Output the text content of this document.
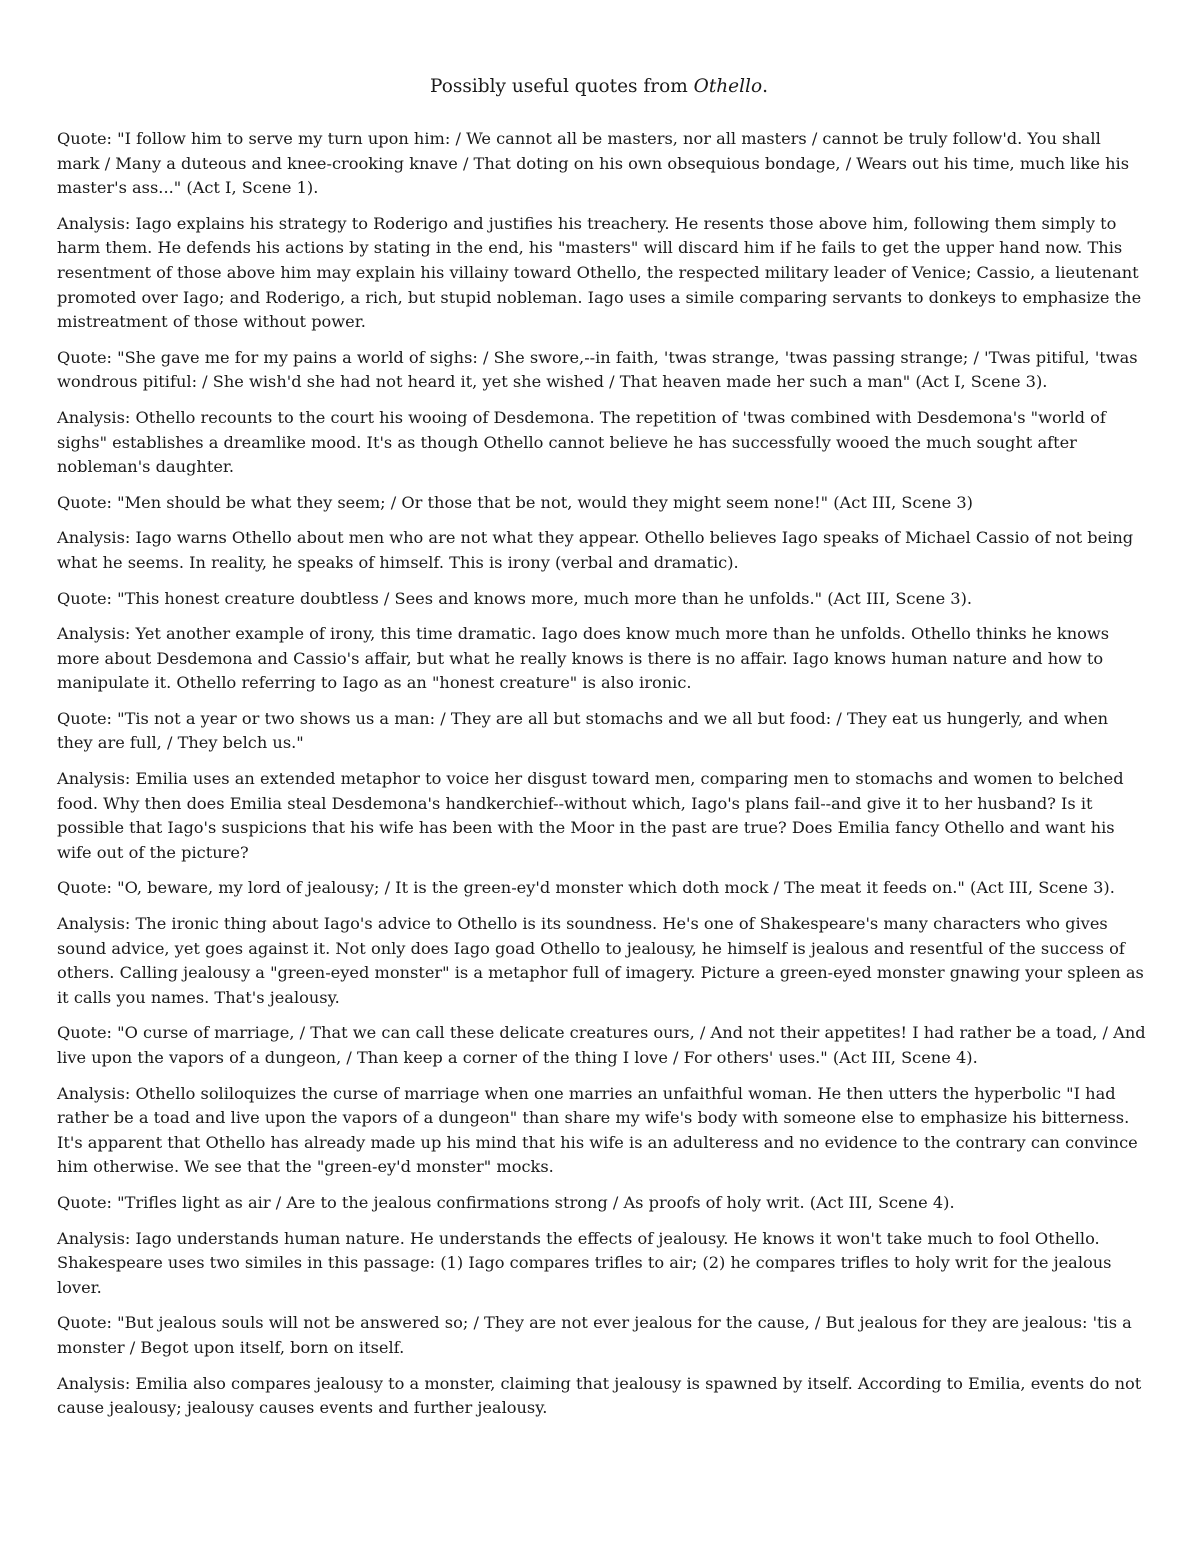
Possibly useful quotes from Othello.

Quote: "I follow him to serve my turn upon him: / We cannot all be masters, nor all masters / cannot be truly follow'd. You shall mark / Many a duteous and knee-crooking knave / That doting on his own obsequious bondage, / Wears out his time, much like his master's ass..." (Act I, Scene 1).

Analysis: Iago explains his strategy to Roderigo and justifies his treachery. He resents those above him, following them simply to harm them. He defends his actions by stating in the end, his "masters" will discard him if he fails to get the upper hand now. This resentment of those above him may explain his villainy toward Othello, the respected military leader of Venice; Cassio, a lieutenant promoted over Iago; and Roderigo, a rich, but stupid nobleman. Iago uses a simile comparing servants to donkeys to emphasize the mistreatment of those without power.

Quote: "She gave me for my pains a world of sighs: / She swore,--in faith, 'twas strange, 'twas passing strange; / 'Twas pitiful, 'twas wondrous pitiful: / She wish'd she had not heard it, yet she wished / That heaven made her such a man" (Act I, Scene 3).

Analysis: Othello recounts to the court his wooing of Desdemona. The repetition of 'twas combined with Desdemona's "world of sighs" establishes a dreamlike mood. It's as though Othello cannot believe he has successfully wooed the much sought after nobleman's daughter.

Quote: "Men should be what they seem; / Or those that be not, would they might seem none!" (Act III, Scene 3)

Analysis: Iago warns Othello about men who are not what they appear. Othello believes Iago speaks of Michael Cassio of not being what he seems. In reality, he speaks of himself. This is irony (verbal and dramatic).

Quote: "This honest creature doubtless / Sees and knows more, much more than he unfolds." (Act III, Scene 3).

Analysis: Yet another example of irony, this time dramatic. Iago does know much more than he unfolds. Othello thinks he knows more about Desdemona and Cassio's affair, but what he really knows is there is no affair. Iago knows human nature and how to manipulate it. Othello referring to Iago as an "honest creature" is also ironic.

Quote: "Tis not a year or two shows us a man: / They are all but stomachs and we all but food: / They eat us hungerly, and when they are full, / They belch us."

Analysis: Emilia uses an extended metaphor to voice her disgust toward men, comparing men to stomachs and women to belched food. Why then does Emilia steal Desdemona's handkerchief--without which, Iago's plans fail--and give it to her husband? Is it possible that Iago's suspicions that his wife has been with the Moor in the past are true? Does Emilia fancy Othello and want his wife out of the picture?

Quote: "O, beware, my lord of jealousy; / It is the green-ey'd monster which doth mock / The meat it feeds on." (Act III, Scene 3).

Analysis: The ironic thing about Iago's advice to Othello is its soundness. He's one of Shakespeare's many characters who gives sound advice, yet goes against it. Not only does Iago goad Othello to jealousy, he himself is jealous and resentful of the success of others. Calling jealousy a "green-eyed monster" is a metaphor full of imagery. Picture a green-eyed monster gnawing your spleen as it calls you names. That's jealousy.

Quote: "O curse of marriage, / That we can call these delicate creatures ours, / And not their appetites! I had rather be a toad, / And live upon the vapors of a dungeon, / Than keep a corner of the thing I love / For others' uses." (Act III, Scene 4).

Analysis: Othello soliloquizes the curse of marriage when one marries an unfaithful woman. He then utters the hyperbolic "I had rather be a toad and live upon the vapors of a dungeon" than share my wife's body with someone else to emphasize his bitterness. It's apparent that Othello has already made up his mind that his wife is an adulteress and no evidence to the contrary can convince him otherwise. We see that the "green-ey'd monster" mocks.

Quote: "Trifles light as air / Are to the jealous confirmations strong / As proofs of holy writ. (Act III, Scene 4).

Analysis: Iago understands human nature. He understands the effects of jealousy. He knows it won't take much to fool Othello. Shakespeare uses two similes in this passage: (1) Iago compares trifles to air; (2) he compares trifles to holy writ for the jealous lover.

Quote: "But jealous souls will not be answered so; / They are not ever jealous for the cause, / But jealous for they are jealous: 'tis a monster / Begot upon itself, born on itself.

Analysis: Emilia also compares jealousy to a monster, claiming that jealousy is spawned by itself. According to Emilia, events do not cause jealousy; jealousy causes events and further jealousy.
